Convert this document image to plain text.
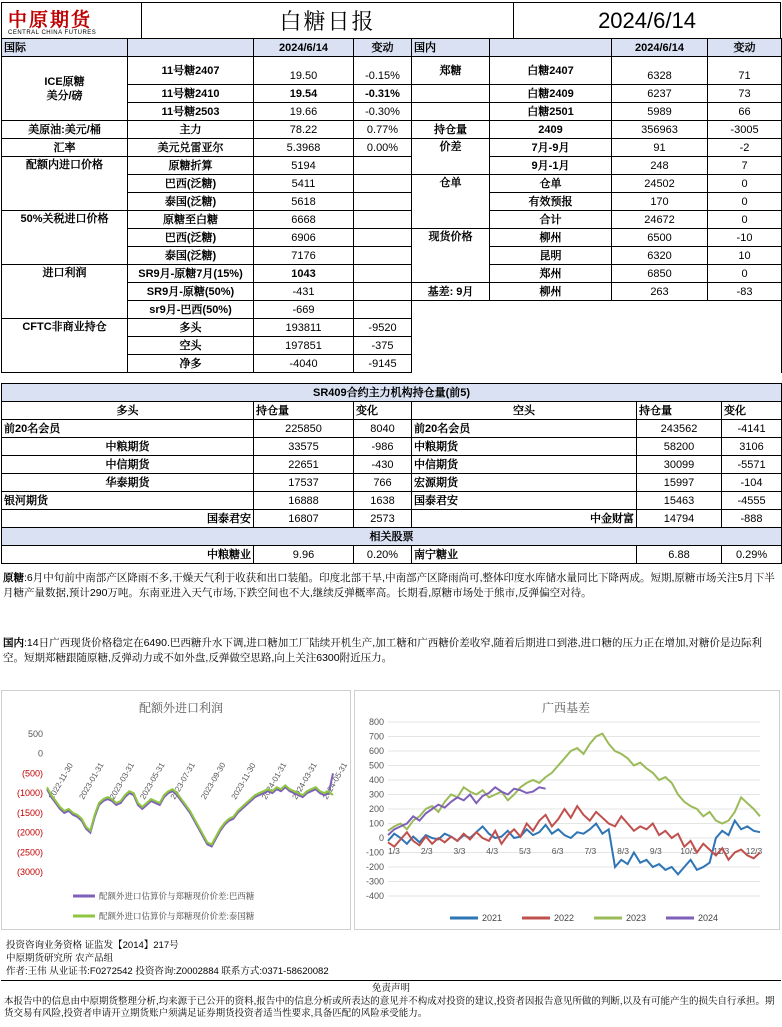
中原期货
CENTRAL CHINA FUTURES	白糖日报	2024/6/14
国际		2024/6/14	变动	国内		2024/6/14	变动
ICE原糖
美分/磅	11号糖2407	19.50	-0.15%	郑糖	白糖2407	6328	71
	11号糖2410	19.54	-0.31%		白糖2409	6237	73
	11号糖2503	19.66	-0.30%		白糖2501	5989	66
美原油:美元/桶	主力	78.22	0.77%	持仓量	2409	356963	-3005
汇率	美元兑雷亚尔	5.3968	0.00%	价差	7月-9月	91	-2
配额内进口价格	原糖折算	5194			9月-1月	248	7
	巴西(泛糖)	5411		仓单	仓单	24502	0
	泰国(泛糖)	5618			有效预报	170	0
50%关税进口价格	原糖至白糖	6668			合计	24672	0
	巴西(泛糖)	6906		现货价格	柳州	6500	-10
	泰国(泛糖)	7176			昆明	6320	10
进口利润	SR9月-原糖7月(15%)	1043			郑州	6850	0
	SR9月-原糖(50%)	-431		基差: 9月	柳州	263	-83
	sr9月-巴西(50%)	-669					
CFTC非商业持仓	多头	193811	-9520				
	空头	197851	-375				
	净多	-4040	-9145				
SR409合约主力机构持仓量(前5)					
多头	持仓量	变化	空头	持仓量	变化
前20名会员	225850	8040	前20名会员	243562	-4141
中粮期货	33575	-986	中粮期货	58200	3106
中信期货	22651	-430	中信期货	30099	-5571
华泰期货	17537	766	宏源期货	15997	-104
银河期货	16888	1638	国泰君安	15463	-4555
国泰君安	16807	2573	中金财富	14794	-888
相关股票					
中粮糖业	9.96	0.20%	南宁糖业	6.88	0.29%
原糖:6月中旬前中南部产区降雨不多,干燥天气利于收获和出口装船。印度北部干旱,中南部产区降雨尚可,整体印度水库储水量同比下降两成。短期,原糖市场关注5月下半月糖产量数据,预计290万吨。东南亚进入天气市场,下跌空间也不大,继续反弹概率高。长期看,原糖市场处于熊市,反弹偏空对待。
国内:14日广西现货价格稳定在6490.巴西糖升水下调,进口糖加工厂陆续开机生产,加工糖和广西糖价差收窄,随着后期进口到港,进口糖的压力正在增加,对糖价是边际利空。短期郑糖跟随原糖,反弹动力或不如外盘,反弹做空思路,向上关注6300附近压力。
配额外进口利润
500
0
(500)
(1000)
(1500)
(2000)
(2500)
(3000)
2022-11-30 2023-01-31 2023-03-31 2023-05-31 2023-07-31 2023-09-30 2023-11-30 2024-01-31 2024-03-31 2024-05-31
配额外进口估算价与郑糖现价价差:巴西糖
配额外进口估算价与郑糖现价价差:泰国糖
广西基差
800
700
600
500
400
300
200
100
0
-100
-200
-300
-400
1/3 2/3 3/3 4/3 5/3 6/3 7/3 8/3 9/3 10/3 11/3 12/3
2021	2022	2023	2024
投资咨询业务资格 证监发【2014】217号
中原期货研究所 农产品组
作者:王伟 从业证书:F0272542 投资咨询:Z0002884 联系方式:0371-58620082
免责声明
本报告中的信息由中原期货整理分析,均来源于已公开的资料,报告中的信息分析或所表达的意见并不构成对投资的建议,投资者因报告意见所做的判断,以及有可能产生的损失自行承担。期货交易有风险,投资者申请开立期货账户须满足证券期货投资者适当性要求,具备匹配的风险承受能力。
